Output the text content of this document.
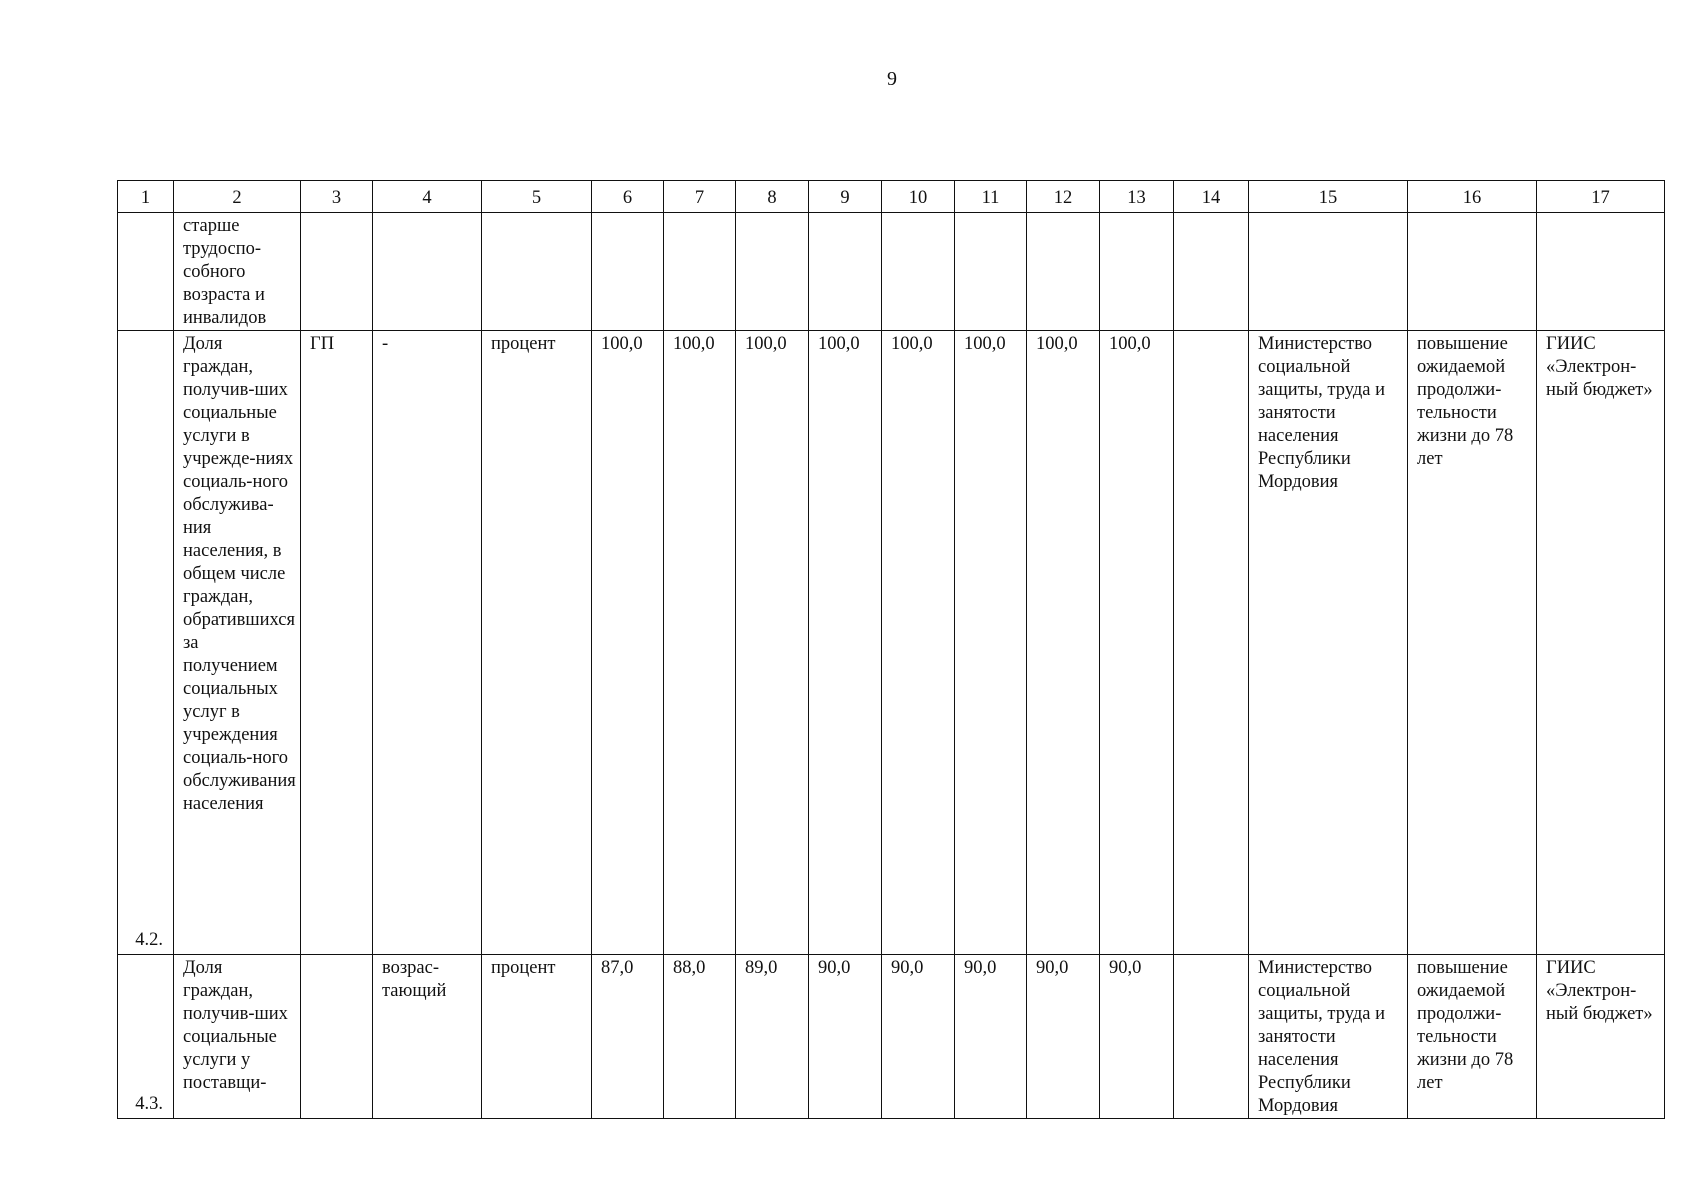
9
1	2	3	4	5	6	7	8	9	10	11	12	13	14	15	16	17
	старше трудоспо-собного возраста и инвалидов															
4.2.	Доля граждан, получив-ших социальные услуги в учрежде-ниях социаль-ного обслужива-ния населения, в общем числе граждан, обратившихся за получением социальных услуг в учреждения социаль-ного обслуживания населения	ГП	-	процент	100,0	100,0	100,0	100,0	100,0	100,0	100,0	100,0		Министерство социальной защиты, труда и занятости населения Республики Мордовия	повышение ожидаемой продолжи-тельности жизни до 78 лет	ГИИС «Электрон-ный бюджет»
4.3.	Доля граждан, получив-ших социальные услуги у поставщи-		возрас-тающий	процент	87,0	88,0	89,0	90,0	90,0	90,0	90,0	90,0		Министерство социальной защиты, труда и занятости населения Республики Мордовия	повышение ожидаемой продолжи-тельности жизни до 78 лет	ГИИС «Электрон-ный бюджет»
